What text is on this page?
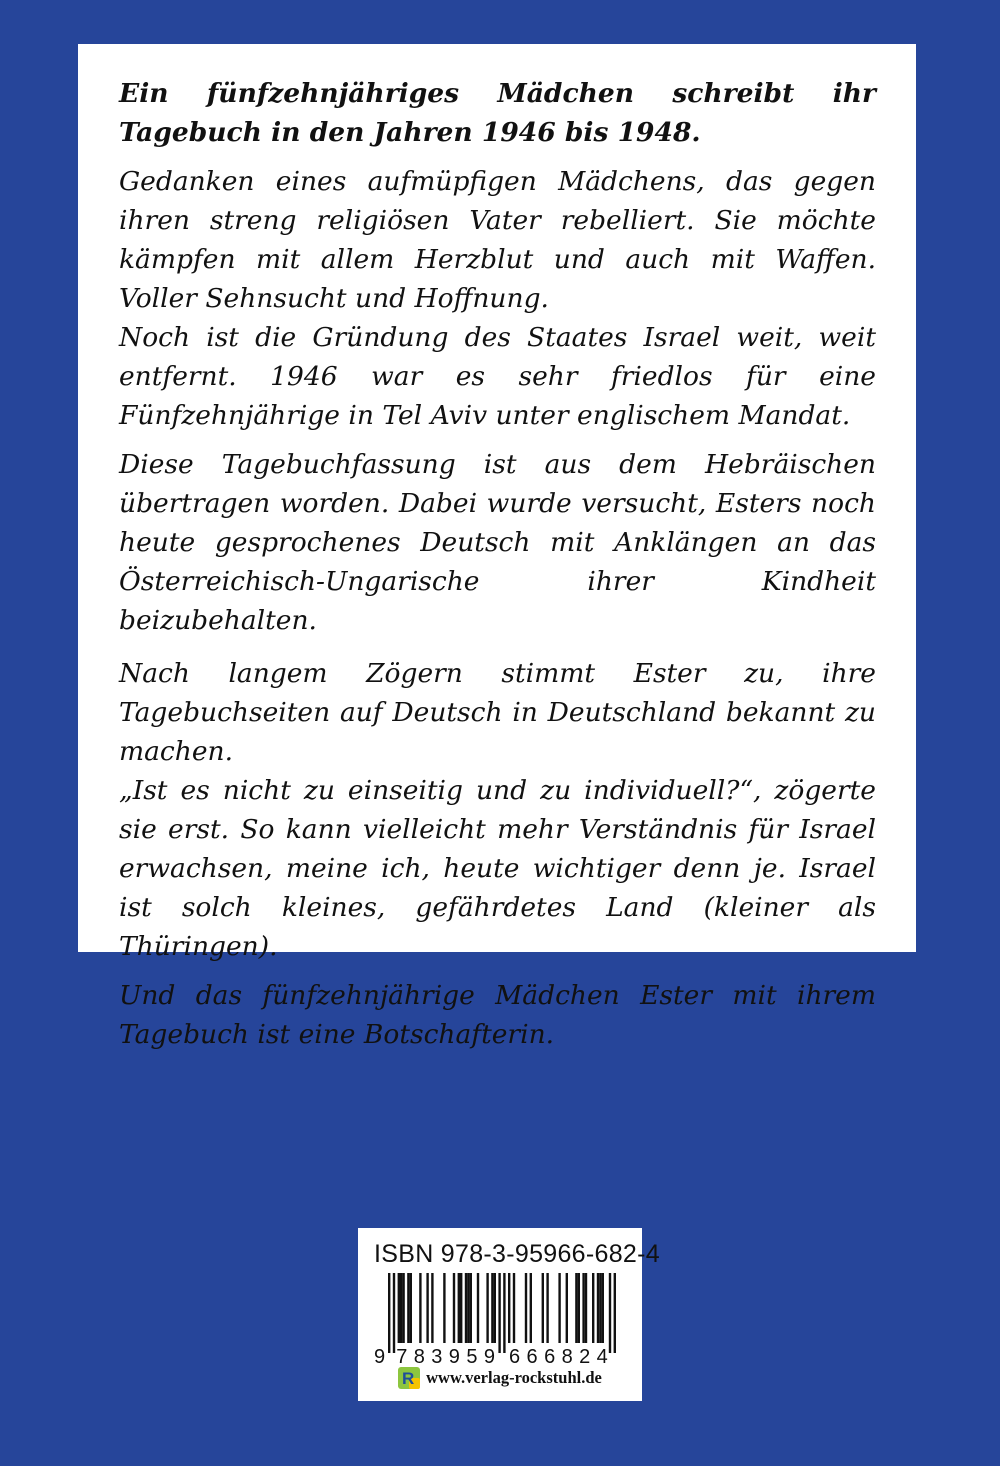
Ein fünfzehnjähriges Mädchen schreibt ihr Tagebuch in den Jahren 1946 bis 1948.

Gedanken eines aufmüpfigen Mädchens, das gegen ihren streng religiösen Vater rebelliert. Sie möchte kämpfen mit allem Herzblut und auch mit Waffen. Voller Sehnsucht und Hoffnung.

Noch ist die Gründung des Staates Israel weit, weit entfernt. 1946 war es sehr friedlos für eine Fünfzehnjährige in Tel Aviv unter englischem Mandat.

Diese Tagebuchfassung ist aus dem Hebräischen übertragen worden. Dabei wurde versucht, Esters noch heute gesprochenes Deutsch mit Anklängen an das Österreichisch-Ungarische ihrer Kindheit beizubehalten.

Nach langem Zögern stimmt Ester zu, ihre Tagebuchseiten auf Deutsch in Deutschland bekannt zu machen.

„Ist es nicht zu einseitig und zu individuell?“, zögerte sie erst. So kann vielleicht mehr Verständnis für Israel erwachsen, meine ich, heute wichtiger denn je. Israel ist solch kleines, gefährdetes Land (kleiner als Thüringen).

Und das fünfzehnjährige Mädchen Ester mit ihrem Tagebuch ist eine Botschafterin.

ISBN 978-3-95966-682-4
9 783959 666824
R www.verlag-rockstuhl.de
